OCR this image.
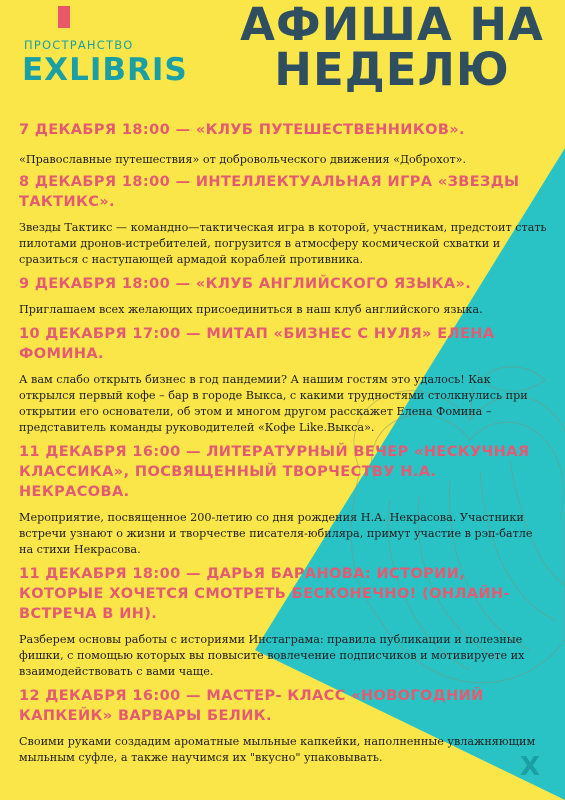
ПРОСТРАНСТВО
EXLIBRIS
АФИША НА
НЕДЕЛЮ
7 ДЕКАБРЯ 18:00 — «КЛУБ ПУТЕШЕСТВЕННИКОВ».

«Православные путешествия» от добровольческого движения «Доброхот».

8 ДЕКАБРЯ 18:00 — ИНТЕЛЛЕКТУАЛЬНАЯ ИГРА «ЗВЕЗДЫ ТАКТИКС».

Звезды Тактикс — командно—тактическая игра в которой, участникам, предстоит стать пилотами дронов-истребителей, погрузится в атмосферу космической схватки и сразиться с наступающей армадой кораблей противника.

9 ДЕКАБРЯ 18:00 — «КЛУБ АНГЛИЙСКОГО ЯЗЫКА».

Приглашаем всех желающих присоединиться в наш клуб английского языка.

10 ДЕКАБРЯ 17:00 — МИТАП «БИЗНЕС С НУЛЯ» ЕЛЕНА ФОМИНА.

А вам слабо открыть бизнес в год пандемии? А нашим гостям это удалось! Как открылся первый кофе – бар в городе Выкса, с какими трудностями столкнулись при открытии его основатели, об этом и многом другом расскажет Елена Фомина – представитель команды руководителей «Кофе Like.Выкса».

11 ДЕКАБРЯ 16:00 — ЛИТЕРАТУРНЫЙ ВЕЧЕР «НЕСКУЧНАЯ КЛАССИКА», ПОСВЯЩЕННЫЙ ТВОРЧЕСТВУ Н.А. НЕКРАСОВА.

Мероприятие, посвященное 200-летию со дня рождения Н.А. Некрасова. Участники встречи узнают о жизни и творчестве писателя-юбиляра, примут участие в рэп-батле на стихи Некрасова.

11 ДЕКАБРЯ 18:00 — ДАРЬЯ БАРАНОВА: ИСТОРИИ, КОТОРЫЕ ХОЧЕТСЯ СМОТРЕТЬ БЕСКОНЕЧНО! (ОНЛАЙН-ВСТРЕЧА В ИН).

Разберем основы работы с историями Инстаграма: правила публикации и полезные фишки, с помощью которых вы повысите вовлечение подписчиков и мотивируете их взаимодействовать с вами чаще.

12 ДЕКАБРЯ 16:00 — МАСТЕР- КЛАСС «НОВОГОДНИЙ КАПКЕЙК» ВАРВАРЫ БЕЛИК.

Своими руками создадим ароматные мыльные капкейки, наполненные увлажняющим мыльным суфле, а также научимся их "вкусно" упаковывать.	X
